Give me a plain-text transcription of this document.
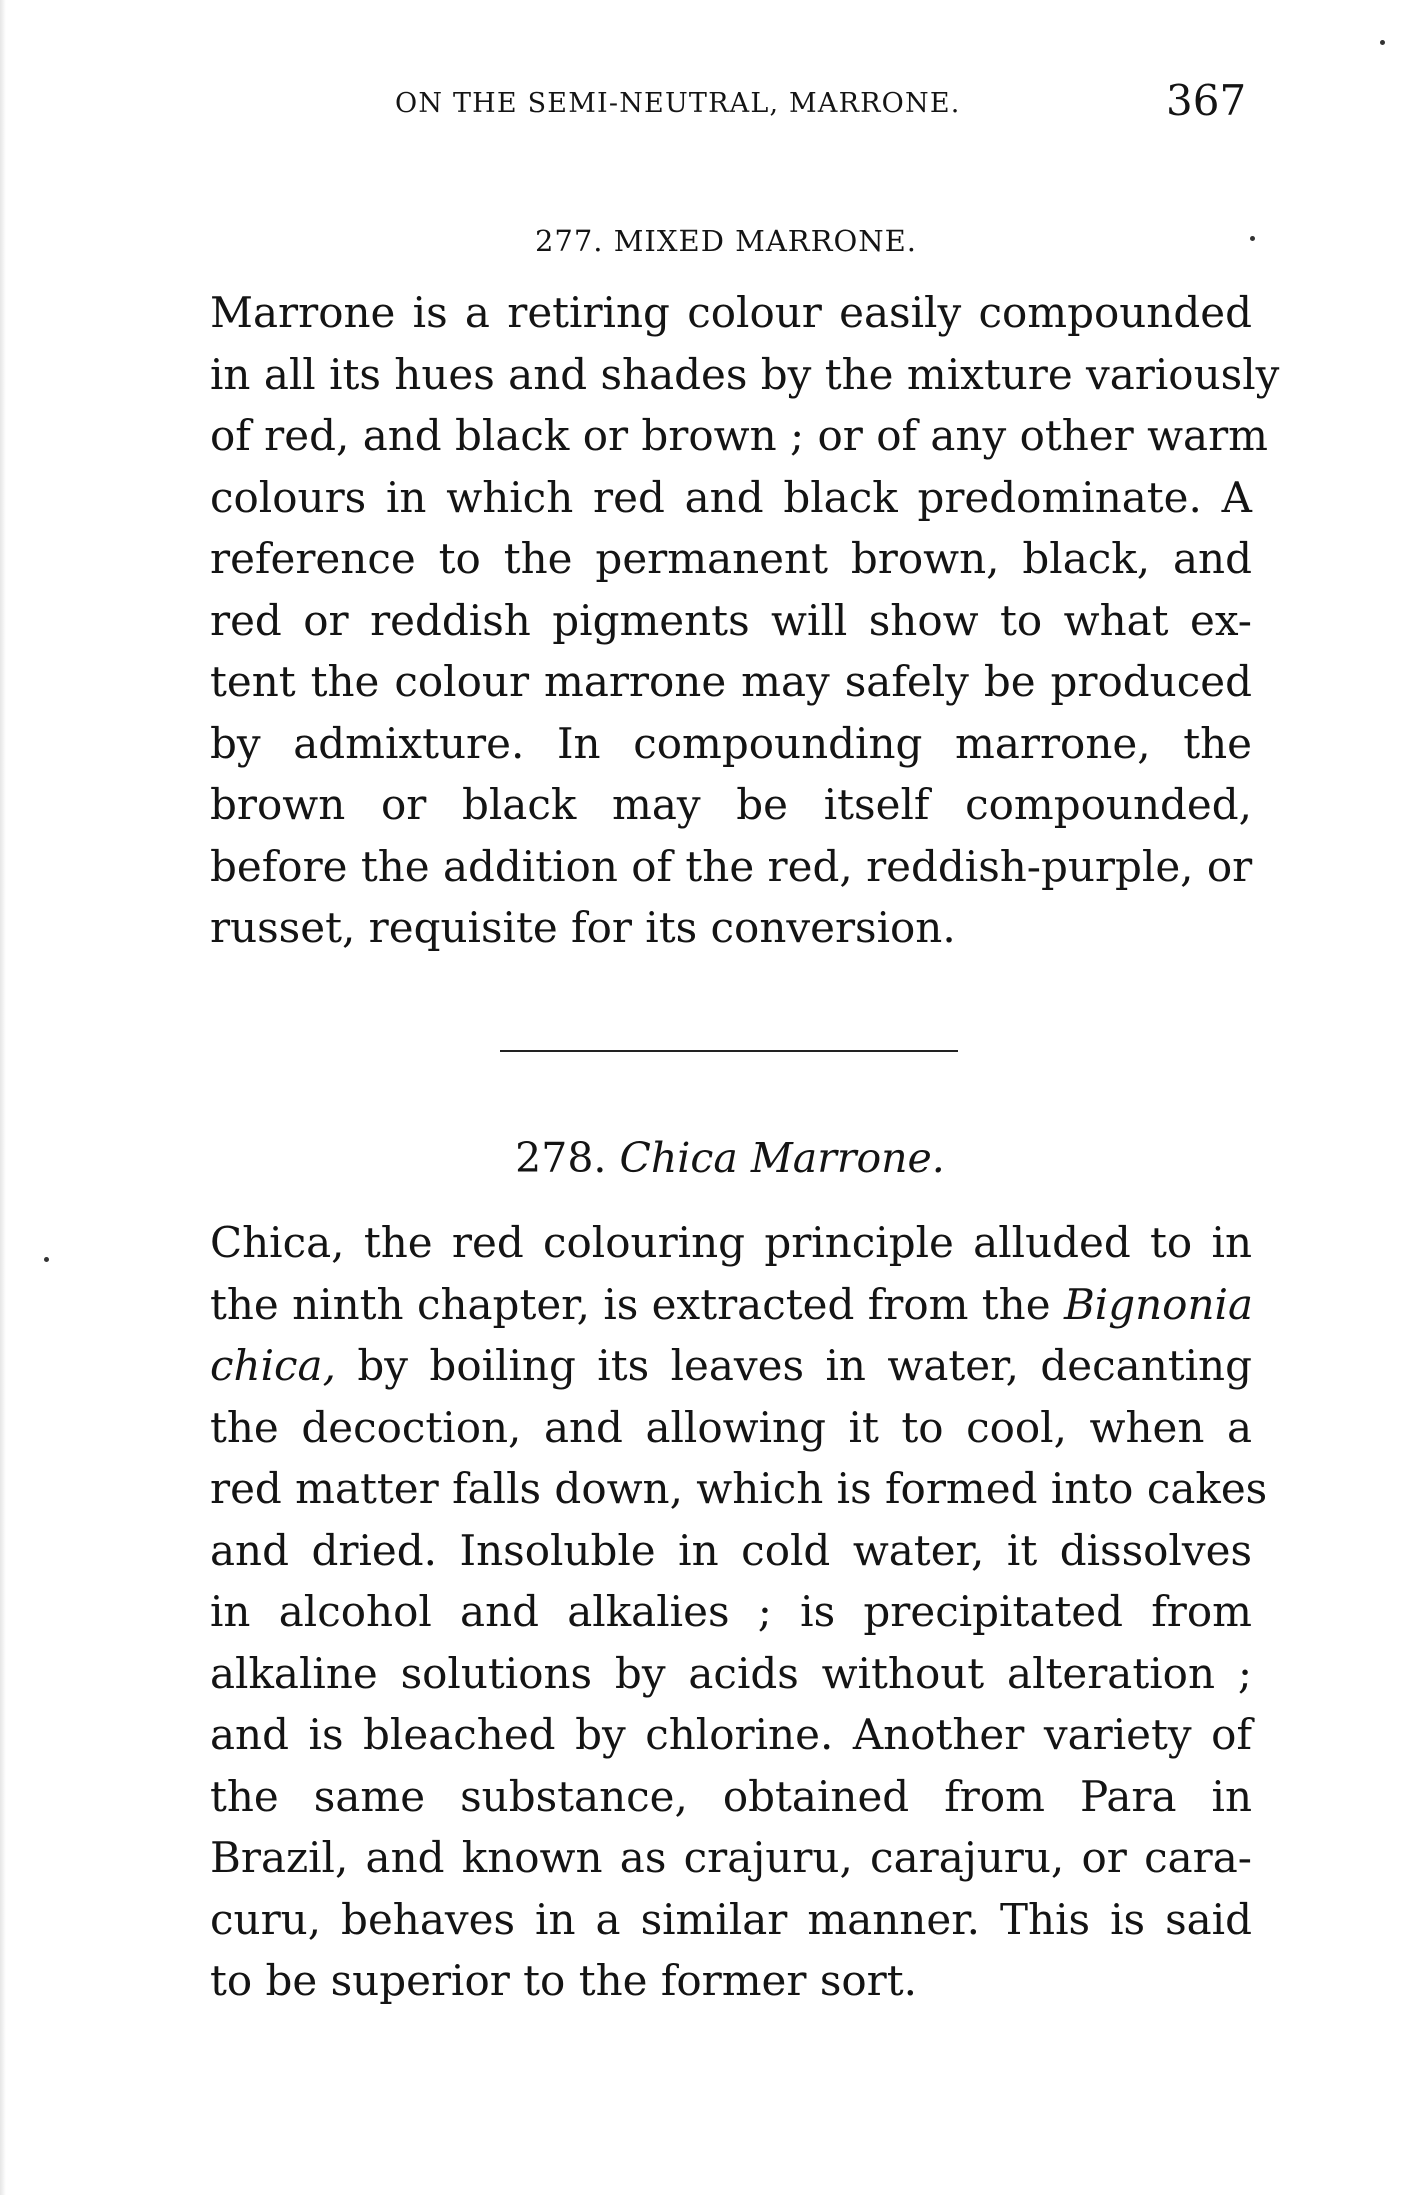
ON THE SEMI-NEUTRAL, MARRONE.	367
277. MIXED MARRONE.
Marrone is a retiring colour easily compounded
in all its hues and shades by the mixture variously
of red, and black or brown ; or of any other warm
colours in which red and black predominate. A
reference to the permanent brown, black, and
red or reddish pigments will show to what ex-
tent the colour marrone may safely be produced
by admixture. In compounding marrone, the
brown or black may be itself compounded,
before the addition of the red, reddish-purple, or
russet, requisite for its conversion.
278. Chica Marrone.
Chica, the red colouring principle alluded to in
the ninth chapter, is extracted from the Bignonia
chica, by boiling its leaves in water, decanting
the decoction, and allowing it to cool, when a
red matter falls down, which is formed into cakes
and dried. Insoluble in cold water, it dissolves
in alcohol and alkalies ; is precipitated from
alkaline solutions by acids without alteration ;
and is bleached by chlorine. Another variety of
the same substance, obtained from Para in
Brazil, and known as crajuru, carajuru, or cara-
curu, behaves in a similar manner. This is said
to be superior to the former sort.
